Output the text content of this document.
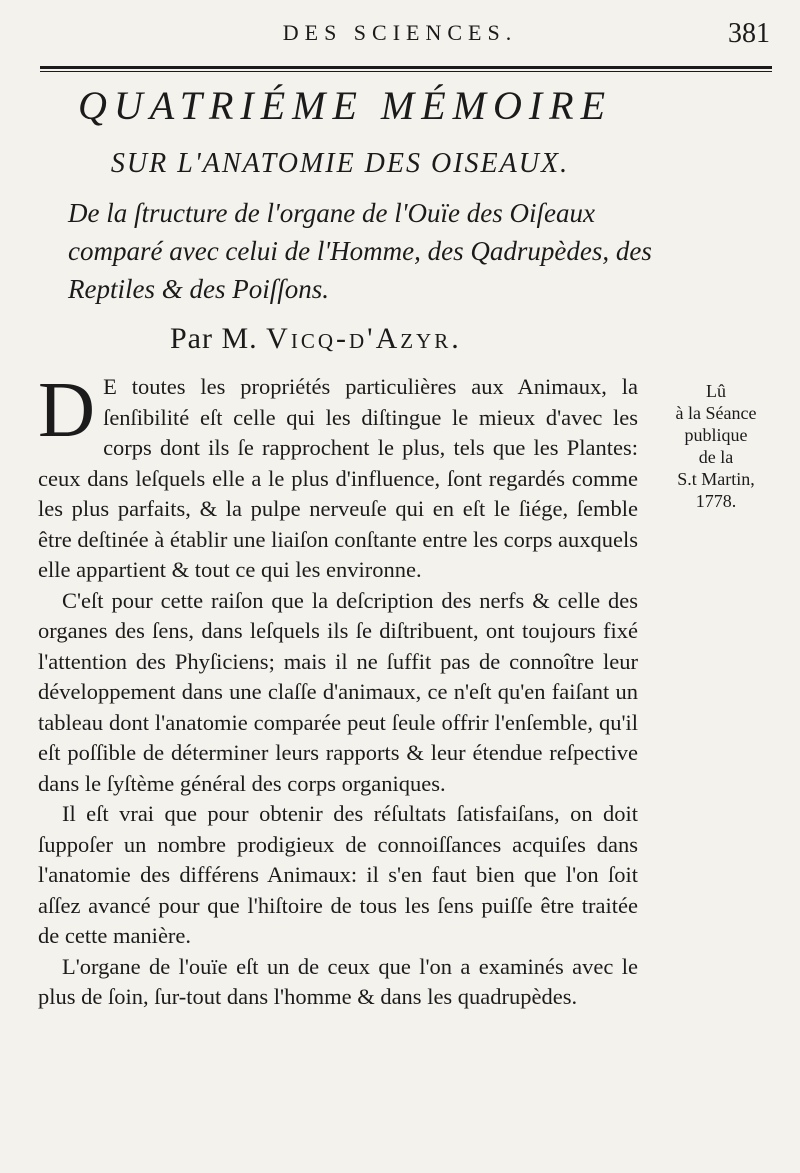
DES SCIENCES.	381
QUATRIÉME MÉMOIRE
SUR L'ANATOMIE DES OISEAUX.
De la ſtructure de l'organe de l'Ouïe des Oiſeaux comparé avec celui de l'Homme, des Qadrupèdes, des Reptiles & des Poiſſons.
Par M. Vicq-d'Azyr.

D E toutes les propriétés particulières aux Animaux, la ſenſibilité eſt celle qui les diſtingue le mieux d'avec les corps dont ils ſe rapprochent le plus, tels que les Plantes: ceux dans leſquels elle a le plus d'influence, ſont regardés comme les plus parfaits, & la pulpe nerveuſe qui en eſt le ſiége, ſemble être deſtinée à établir une liaiſon conſtante entre les corps auxquels elle appartient & tout ce qui les environne.

C'eſt pour cette raiſon que la deſcription des nerfs & celle des organes des ſens, dans leſquels ils ſe diſtribuent, ont toujours fixé l'attention des Phyſiciens; mais il ne ſuffit pas de connoître leur développement dans une claſſe d'animaux, ce n'eſt qu'en faiſant un tableau dont l'anatomie comparée peut ſeule offrir l'enſemble, qu'il eſt poſſible de déterminer leurs rapports & leur étendue reſpective dans le ſyſtème général des corps organiques.

Il eſt vrai que pour obtenir des réſultats ſatisfaiſans, on doit ſuppoſer un nombre prodigieux de connoiſſances acquiſes dans l'anatomie des différens Animaux: il s'en faut bien que l'on ſoit aſſez avancé pour que l'hiſtoire de tous les ſens puiſſe être traitée de cette manière.

L'organe de l'ouïe eſt un de ceux que l'on a examinés avec le plus de ſoin, ſur-tout dans l'homme & dans les quadrupèdes.

Lû
à la Séance
publique
de la
S.t Martin,
1778.
